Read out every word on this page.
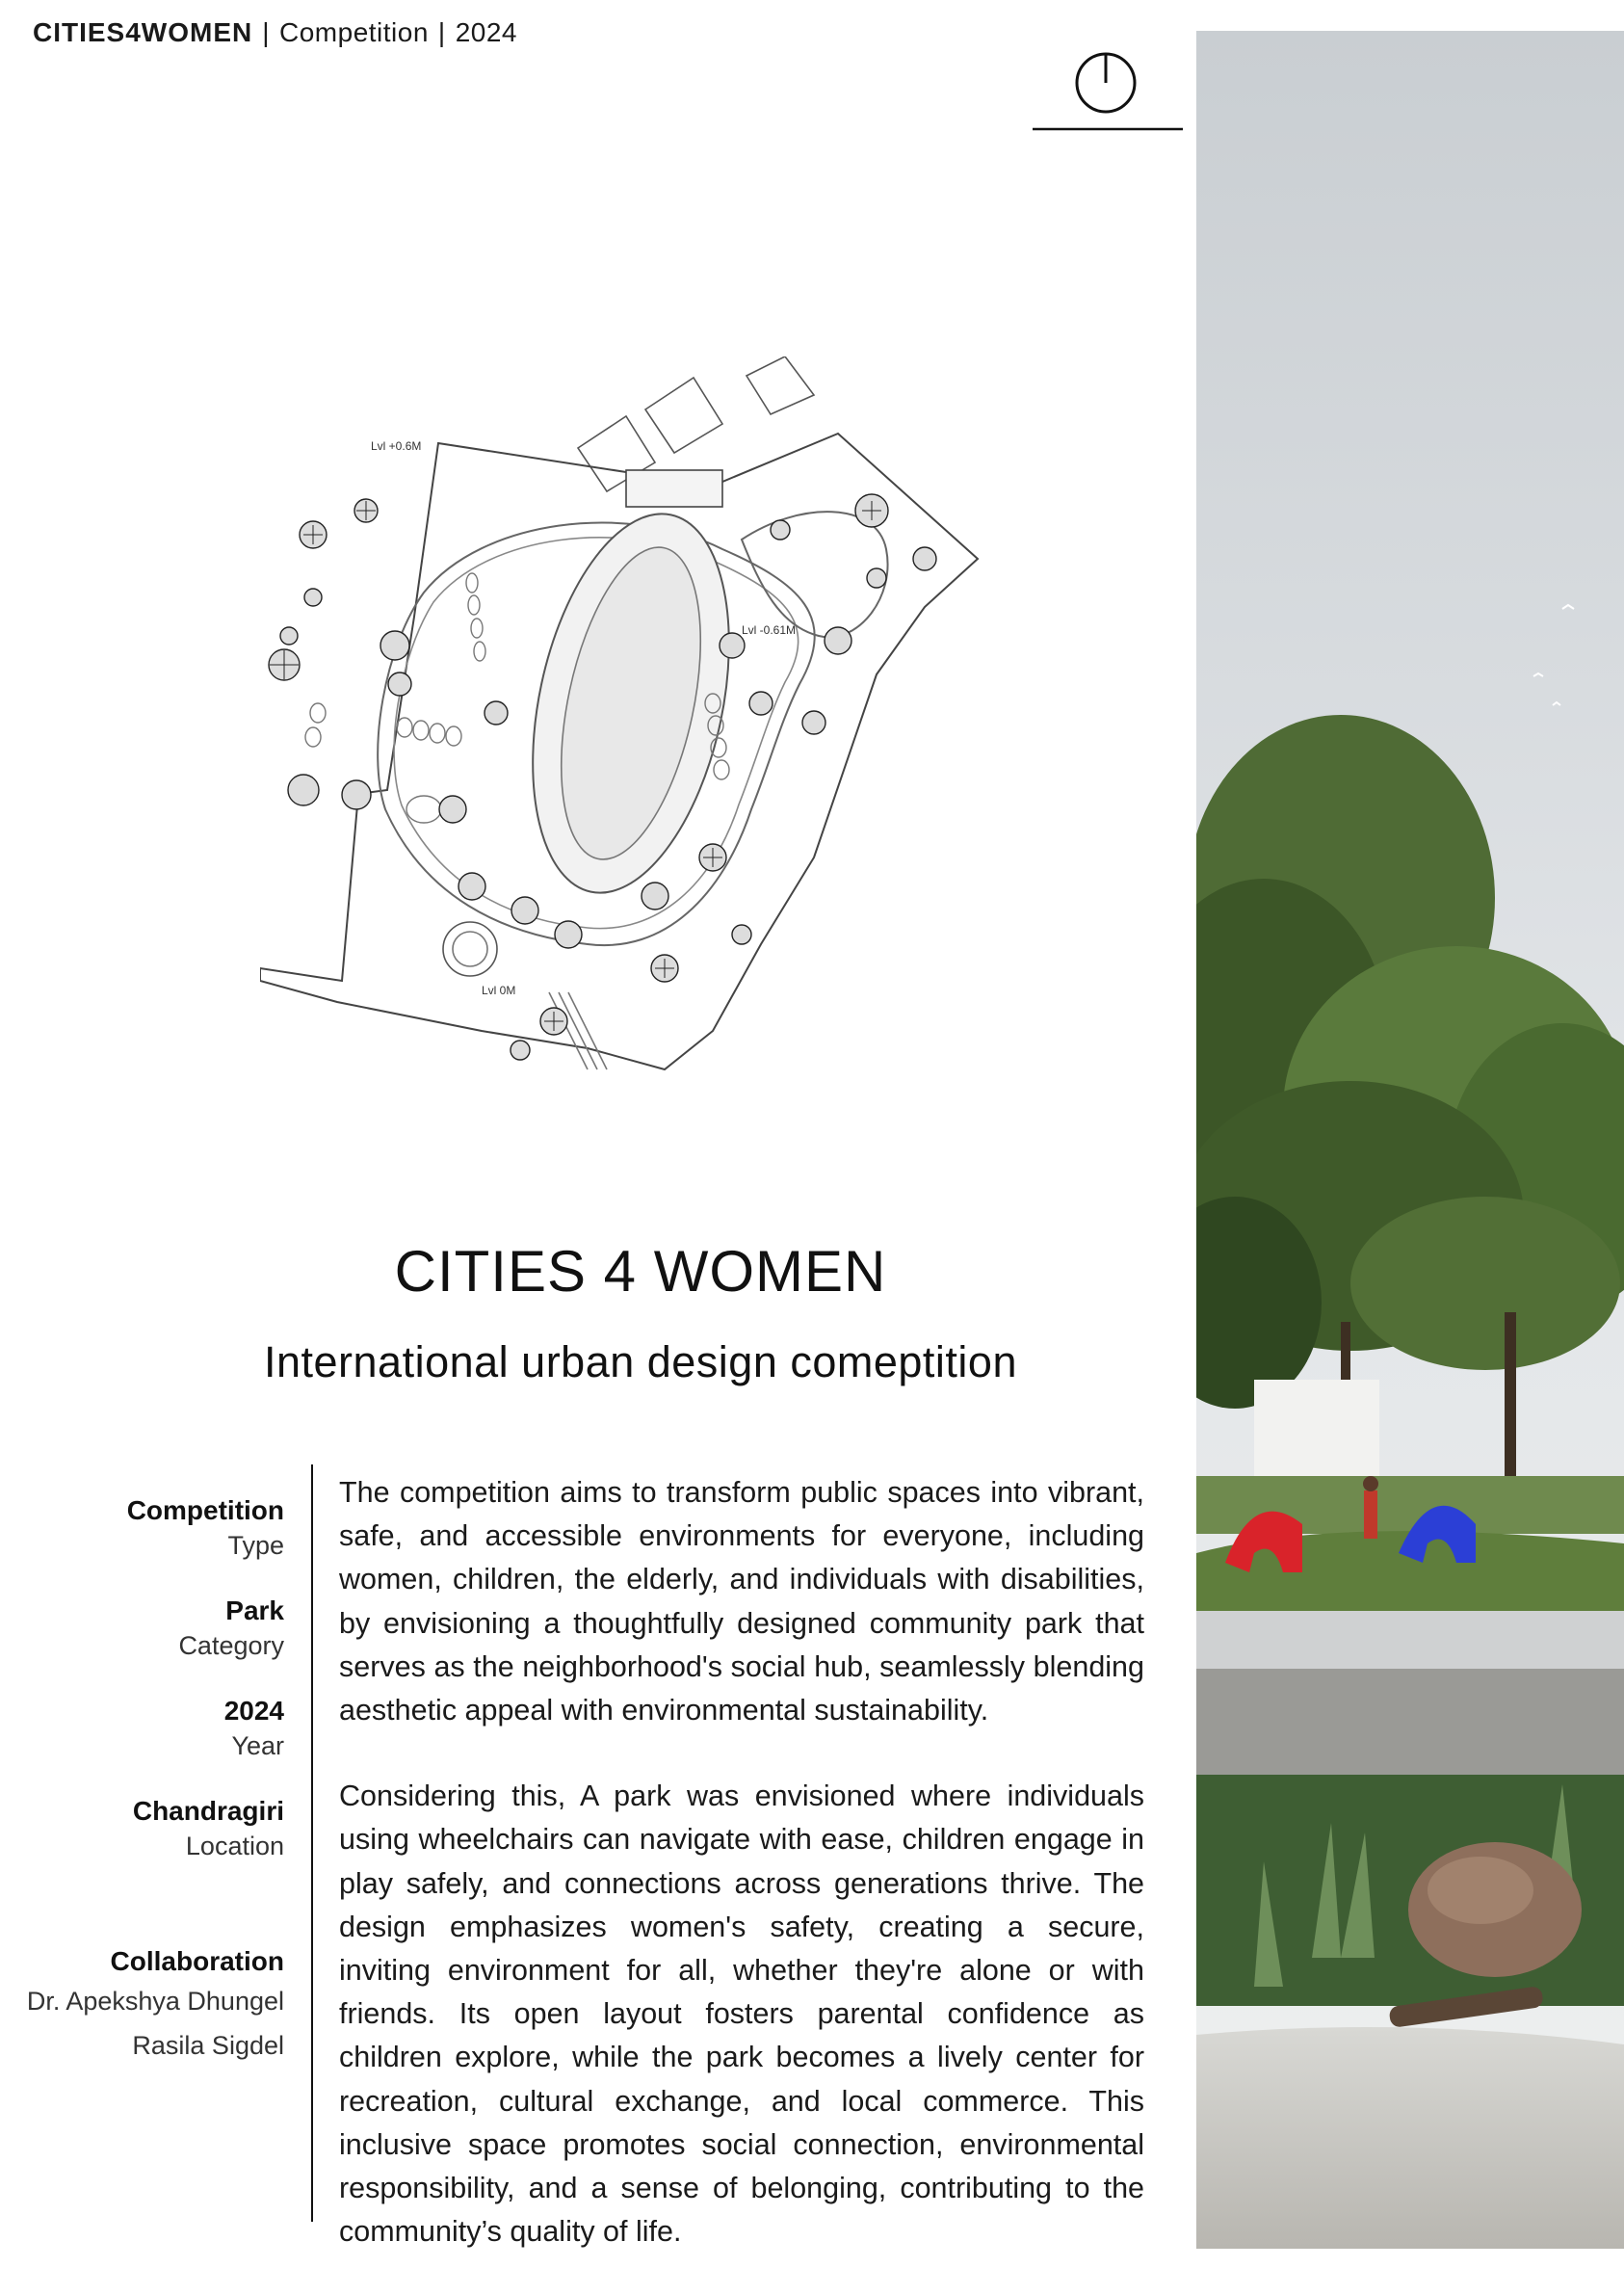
CITIES4WOMEN | Competition | 2024
Lvl +0.6M
Lvl -0.61M
Lvl 0M
CITIES 4 WOMEN
International urban design comeptition
Competition
Type
Park
Category
2024
Year
Chandragiri
Location
Collaboration
Dr. Apekshya Dhungel
Rasila Sigdel

The competition aims to transform public spaces into vibrant, safe, and accessible environments for everyone, including women, children, the elderly, and individuals with disabilities, by envisioning a thoughtfully designed community park that serves as the neighborhood's social hub, seamlessly blending aesthetic appeal with environmental sustainability.

Considering this, A park was envisioned where individuals using wheelchairs can navigate with ease, children engage in play safely, and connections across generations thrive. The design emphasizes women's safety, creating a secure, inviting environment for all, whether they're alone or with friends. Its open layout fosters parental confidence as children explore, while the park becomes a lively center for recreation, cultural exchange, and local commerce. This inclusive space promotes social connection, environmental responsibility, and a sense of belonging, contributing to the community’s quality of life.
